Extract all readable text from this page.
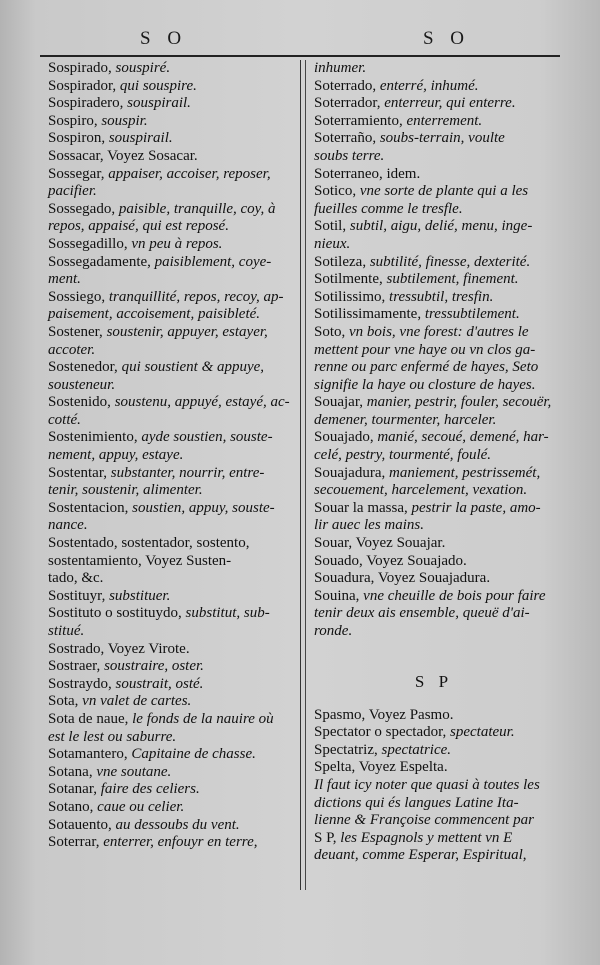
S O	S O
Sospirado, souspiré.
Sospirador, qui souspire.
Sospiradero, souspirail.
Sospiro, souspir.
Sospiron, souspirail.
Sossacar, Voyez Sosacar.
Sossegar, appaiser, accoiser, reposer,
pacifier.
Sossegado, paisible, tranquille, coy, à
repos, appaisé, qui est reposé.
Sossegadillo, vn peu à repos.
Sossegadamente, paisiblement, coye-
ment.
Sossiego, tranquillité, repos, recoy, ap-
paisement, accoisement, paisibleté.
Sostener, soustenir, appuyer, estayer,
accoter.
Sostenedor, qui soustient & appuye,
sousteneur.
Sostenido, soustenu, appuyé, estayé, ac-
cotté.
Sostenimiento, ayde soustien, souste-
nement, appuy, estaye.
Sostentar, substanter, nourrir, entre-
tenir, soustenir, alimenter.
Sostentacion, soustien, appuy, souste-
nance.
Sostentado, sostentador, sostento,
sostentamiento, Voyez Susten-
tado, &c.
Sostituyr, substituer.
Sostituto o sostituydo, substitut, sub-
stitué.
Sostrado, Voyez Virote.
Sostraer, soustraire, oster.
Sostraydo, soustrait, osté.
Sota, vn valet de cartes.
Sota de naue, le fonds de la nauire où
est le lest ou saburre.
Sotamantero, Capitaine de chasse.
Sotana, vne soutane.
Sotanar, faire des celiers.
Sotano, caue ou celier.
Sotauento, au dessoubs du vent.
Soterrar, enterrer, enfouyr en terre,
inhumer.
Soterrado, enterré, inhumé.
Soterrador, enterreur, qui enterre.
Soterramiento, enterrement.
Soterraño, soubs-terrain, voulte
soubs terre.
Soterraneo, idem.
Sotico, vne sorte de plante qui a les
fueilles comme le tresfle.
Sotil, subtil, aigu, delié, menu, inge-
nieux.
Sotileza, subtilité, finesse, dexterité.
Sotilmente, subtilement, finement.
Sotilissimo, tressubtil, tresfin.
Sotilissimamente, tressubtilement.
Soto, vn bois, vne forest: d'autres le
mettent pour vne haye ou vn clos ga-
renne ou parc enfermé de hayes, Seto
signifie la haye ou closture de hayes.
Souajar, manier, pestrir, fouler, secouër,
demener, tourmenter, harceler.
Souajado, manié, secoué, demené, har-
celé, pestry, tourmenté, foulé.
Souajadura, maniement, pestrissemét,
secouement, harcelement, vexation.
Souar la massa, pestrir la paste, amo-
lir auec les mains.
Souar, Voyez Souajar.
Souado, Voyez Souajado.
Souadura, Voyez Souajadura.
Souina, vne cheuille de bois pour faire
tenir deux ais ensemble, queuë d'ai-
ronde.
S P
Spasmo, Voyez Pasmo.
Spectator o spectador, spectateur.
Spectatriz, spectatrice.
Spelta, Voyez Espelta.
Il faut icy noter que quasi à toutes les
dictions qui és langues Latine Ita-
lienne & Françoise commencent par
S P, les Espagnols y mettent vn E
deuant, comme Esperar, Espiritual,
